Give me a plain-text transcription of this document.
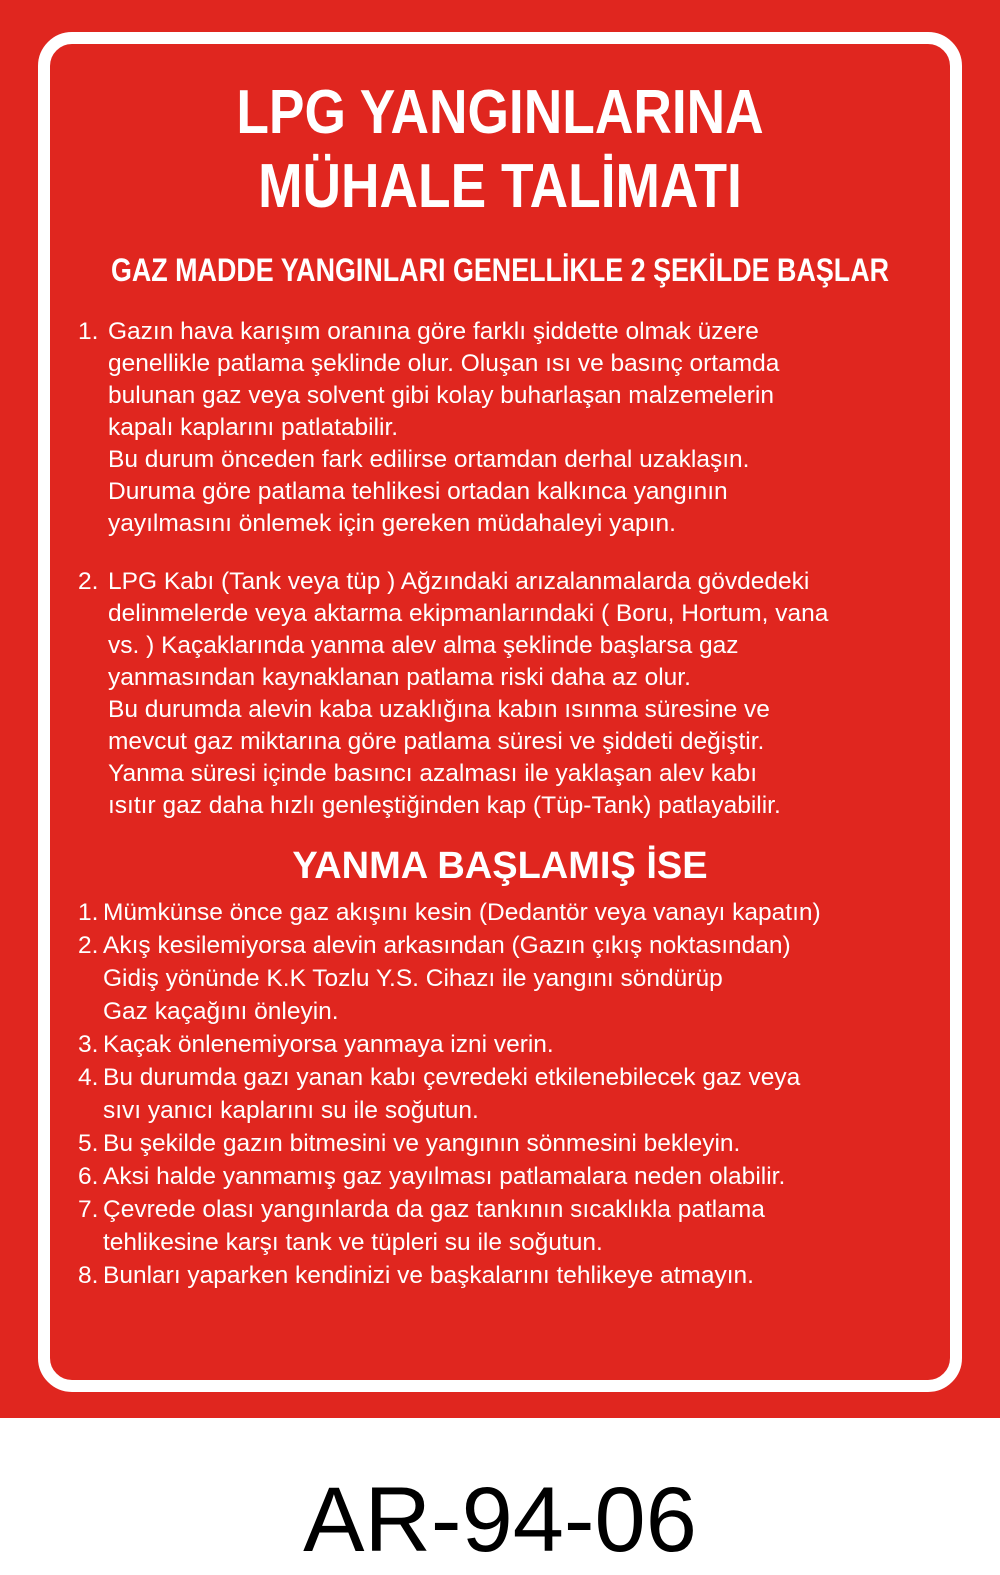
LPG YANGINLARINA
MÜHALE TALİMATI
GAZ MADDE YANGINLARI GENELLİKLE 2 ŞEKİLDE BAŞLAR
1. Gazın hava karışım oranına göre farklı şiddette olmak üzere
genellikle patlama şeklinde olur. Oluşan ısı ve basınç ortamda
bulunan gaz veya solvent gibi kolay buharlaşan malzemelerin
kapalı kaplarını patlatabilir.
Bu durum önceden fark edilirse ortamdan derhal uzaklaşın.
Duruma göre patlama tehlikesi ortadan kalkınca yangının
yayılmasını önlemek için gereken müdahaleyi yapın.
2. LPG Kabı (Tank veya tüp ) Ağzındaki arızalanmalarda gövdedeki
delinmelerde veya aktarma ekipmanlarındaki ( Boru, Hortum, vana
vs. ) Kaçaklarında yanma alev alma şeklinde başlarsa gaz
yanmasından kaynaklanan patlama riski daha az olur.
Bu durumda alevin kaba uzaklığına kabın ısınma süresine ve
mevcut gaz miktarına göre patlama süresi ve şiddeti değiştir.
Yanma süresi içinde basıncı azalması ile yaklaşan alev kabı
ısıtır gaz daha hızlı genleştiğinden kap (Tüp-Tank) patlayabilir.
YANMA BAŞLAMIŞ İSE
1. Mümkünse önce gaz akışını kesin (Dedantör veya vanayı kapatın)
2. Akış kesilemiyorsa alevin arkasından (Gazın çıkış noktasından)
Gidiş yönünde K.K Tozlu Y.S. Cihazı ile yangını söndürüp
Gaz kaçağını önleyin.
3. Kaçak önlenemiyorsa yanmaya izni verin.
4. Bu durumda gazı yanan kabı çevredeki etkilenebilecek gaz veya
sıvı yanıcı kaplarını su ile soğutun.
5. Bu şekilde gazın bitmesini ve yangının sönmesini bekleyin.
6. Aksi halde yanmamış gaz yayılması patlamalara neden olabilir.
7. Çevrede olası yangınlarda da gaz tankının sıcaklıkla patlama
tehlikesine karşı tank ve tüpleri su ile soğutun.
8. Bunları yaparken kendinizi ve başkalarını tehlikeye atmayın.
AR-94-06
